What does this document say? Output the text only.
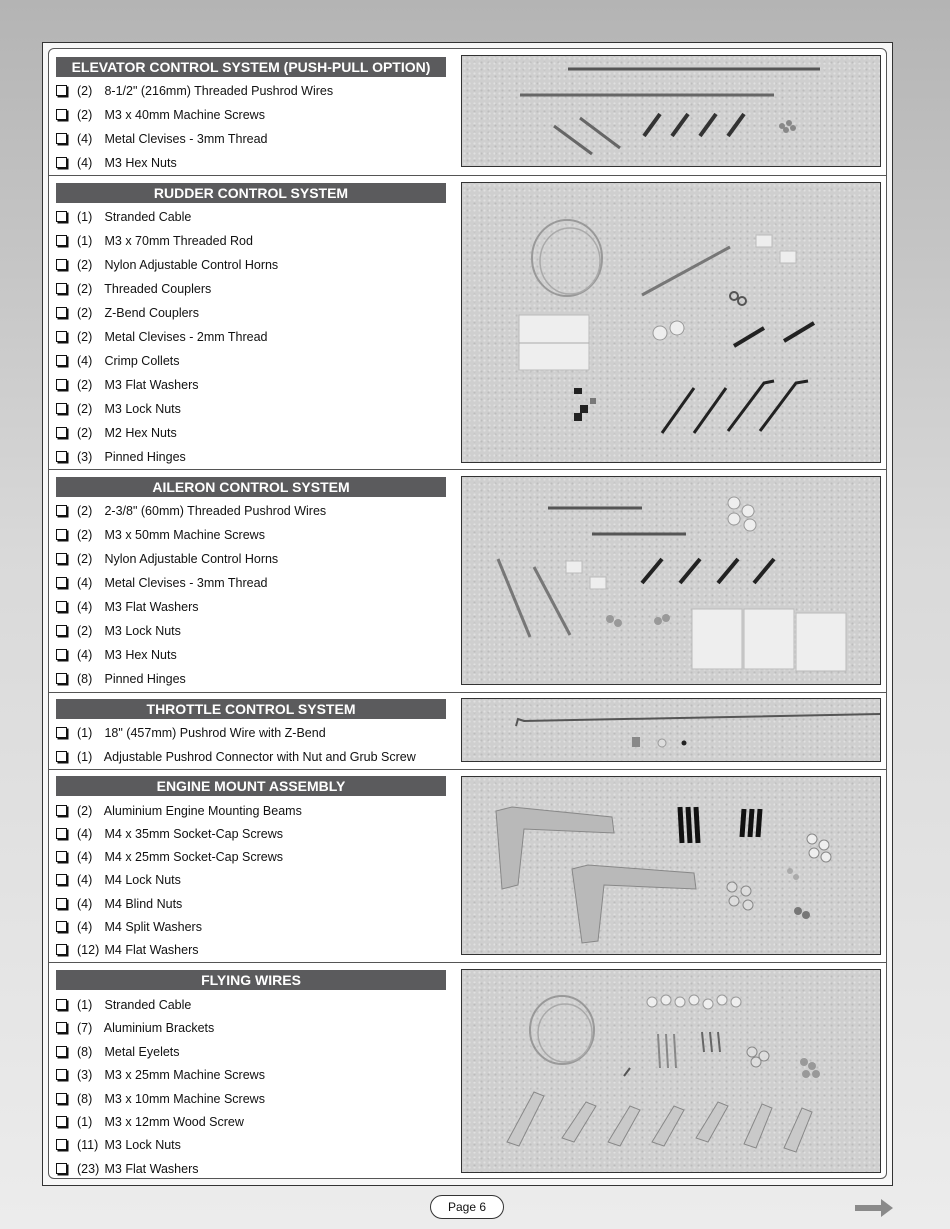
ELEVATOR CONTROL SYSTEM (PUSH-PULL OPTION)
(2) 8-1/2" (216mm) Threaded Pushrod Wires
(2) M3 x 40mm Machine Screws
(4) Metal Clevises - 3mm Thread
(4) M3 Hex Nuts
RUDDER CONTROL SYSTEM
(1) Stranded Cable
(1) M3 x 70mm Threaded Rod
(2) Nylon Adjustable Control Horns
(2) Threaded Couplers
(2) Z-Bend Couplers
(2) Metal Clevises - 2mm Thread
(4) Crimp Collets
(2) M3 Flat Washers
(2) M3 Lock Nuts
(2) M2 Hex Nuts
(3) Pinned Hinges
AILERON CONTROL SYSTEM
(2) 2-3/8" (60mm) Threaded Pushrod Wires
(2) M3 x 50mm Machine Screws
(2) Nylon Adjustable Control Horns
(4) Metal Clevises - 3mm Thread
(4) M3 Flat Washers
(2) M3 Lock Nuts
(4) M3 Hex Nuts
(8) Pinned Hinges
THROTTLE CONTROL SYSTEM
(1) 18" (457mm) Pushrod Wire with Z-Bend
(1) Adjustable Pushrod Connector with Nut and Grub Screw
ENGINE MOUNT ASSEMBLY
(2) Aluminium Engine Mounting Beams
(4) M4 x 35mm Socket-Cap Screws
(4) M4 x 25mm Socket-Cap Screws
(4) M4 Lock Nuts
(4) M4 Blind Nuts
(4) M4 Split Washers
(12) M4 Flat Washers
FLYING WIRES
(1) Stranded Cable
(7) Aluminium Brackets
(8) Metal Eyelets
(3) M3 x 25mm Machine Screws
(8) M3 x 10mm Machine Screws
(1) M3 x 12mm Wood Screw
(11) M3 Lock Nuts
(23) M3 Flat Washers
Page 6
